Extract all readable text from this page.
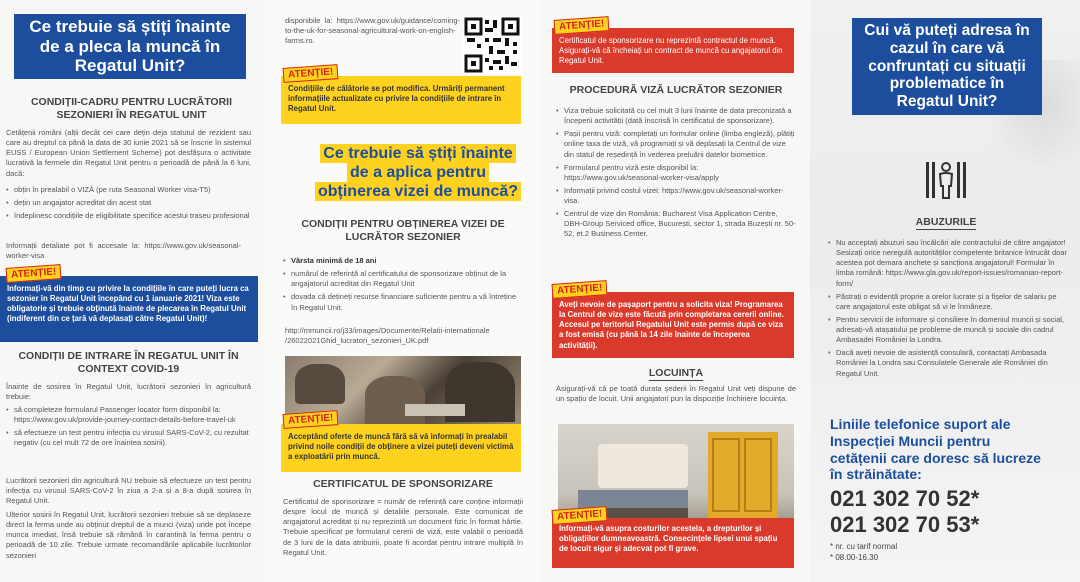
Ce trebuie să știți înainte de a pleca la muncă în Regatul Unit?
CONDIȚII-CADRU PENTRU LUCRĂTORII SEZONIERI ÎN REGATUL UNIT
Cetățenii români (alții decât cei care dețin deja statutul de rezident sau care au dreptul ca până la data de 30 iunie 2021 să se înscrie în sistemul EUSS / European Union Settlement Scheme) pot desfășura o activitate lucrativă la fermele din Regatul Unit pentru o perioadă de până la 6 luni, dacă:
• obțin în prealabil o VIZĂ (pe ruta Seasonal Worker visa-T5)
• dețin un angajator acreditat din acest stat
• îndeplinesc condițiile de eligibilitate specifice acestui traseu profesional
Informații detaliate pot fi accesate la: https://www.gov.uk/seasonal-worker-visa
Informați-vă din timp cu privire la condițiile în care puteți lucra ca sezonier în Regatul Unit începând cu 1 ianuarie 2021! Viza este obligatorie și trebuie obținută înainte de plecarea în Regatul Unit (indiferent din ce țară vă deplasați către Regatul Unit)!
ATENȚIE!
CONDIȚII DE INTRARE ÎN REGATUL UNIT ÎN CONTEXT COVID-19
Înainte de sosirea în Regatul Unit, lucrătorii sezonieri în agricultură trebuie:
• să completeze formularul Passenger locator form disponibil la: https://www.gov.uk/provide-journey-contact-details-before-travel-uk
• să efectueze un test pentru infecția cu virusul SARS-CoV-2, cu rezultat negativ (cu cel mult 72 de ore înaintea sosirii).
Lucrătorii sezonieri din agricultură NU trebuie să efectueze un test pentru infecția cu virusul SARS-CoV-2 în ziua a 2-a și a 8-a după sosirea în Regatul Unit.
Ulterior sosirii în Regatul Unit, lucrătorii sezonieri trebuie să se deplaseze direct la ferma unde au obținut dreptul de a munci (viza) unde pot începe munca imediat, însă trebuie să rămână în carantină la ferma pentru o perioadă de 10 zile. Trebuie urmate recomandările aplicabile lucrătorilor sezonieri
disponibile la: https://www.gov.uk/guidance/coming-to-the-uk-for-seasonal-agricultural-work-on-english-farms.ro.
Condițiile de călătorie se pot modifica. Urmăriți permanent informațiile actualizate cu privire la condițiile de intrare în Regatul Unit.
ATENȚIE!
Ce trebuie să știți înainte de a aplica pentru obținerea vizei de muncă?
CONDIȚII PENTRU OBȚINEREA VIZEI DE LUCRĂTOR SEZONIER
• Vârsta minimă de 18 ani
• numărul de referință al certificatului de sponsorizare obținut de la angajatorul acreditat din Regatul Unit
• dovada că dețineți resurse financiare suficiente pentru a vă întreține în Regatul Unit.
http://mmuncii.ro/j33/images/Documente/Relatii-internationale /26022021Ghid_lucratori_sezonieri_UK.pdf
Acceptând oferte de muncă fără să vă informați în prealabil privind noile condiții de obținere a vizei puteți deveni victimă a exploatării prin muncă.
ATENȚIE!
CERTIFICATUL DE SPONSORIZARE
Certificatul de sponsorizare = număr de referință care conține informații despre locul de muncă și detaliile personale. Este comunicat de angajatorul acreditat și nu reprezintă un document fizic în format hârtie. Trebuie specificat pe formularul cererii de viză, este valabil o perioadă de 3 luni de la data atribuirii, poate fi acordat pentru intrare multiplă în Regatul Unit.
Certificatul de sponsorizare nu reprezintă contractul de muncă. Asigurați-vă că încheiați un contract de muncă cu angajatorul din Regatul Unit.
ATENȚIE!
PROCEDURĂ VIZĂ LUCRĂTOR SEZONIER
• Viza trebuie solicitată cu cel mult 3 luni înainte de data preconizată a începerii activității (dată înscrisă în certificatul de sponsorizare).
• Pașii pentru viză: completați un formular online (limba engleză), plătiți online taxa de viză, vă programați și vă deplasați la Centrul de vize din statul de reședință în vederea preluării datelor biometrice.
• Formularul pentru viză este disponibil la: https://www.gov.uk/seasonal-worker-visa/apply
• Informații privind costul vizei: https://www.gov.uk/seasonal-worker-visa.
• Centrul de vize din România: Bucharest Visa Application Centre, DBH-Group Serviced office, București, sector 1, strada Buzești nr. 50-52, et.2 Business Center.
Aveți nevoie de pașaport pentru a solicita viza! Programarea la Centrul de vize este făcută prin completarea cererii online. Accesul pe teritoriul Regatului Unit este permis după ce viza a fost emisă (cu până la 14 zile înainte de începerea activității).
ATENȚIE!
LOCUINȚA
Asigurați-vă că pe toată durata șederii în Regatul Unit veți dispune de un spațiu de locuit. Unii angajatori pun la dispoziție închiriere locuința.
Informați-vă asupra costurilor acestela, a drepturilor și obligațiilor dumneavoastră. Consecințele lipsei unui spațiu de locuit sigur și adecvat pot fi grave.
ATENȚIE!
Cui vă puteți adresa în cazul în care vă confruntați cu situații problematice în Regatul Unit?
ABUZURILE
• Nu acceptați abuzuri sau încălcări ale contractului de către angajator! Sesizați orice neregulă autorităților competente britanice întrucât doar acestea pot demara anchete și sancționa angajatorul! Formular în limba română: https://www.gla.gov.uk/report-issues/romanian-report-form/
• Păstrați o evidență proprie a orelor lucrate și a fișelor de salariu pe care angajatorul este obligat să vi le înmâneze.
• Pentru servicii de informare și consiliere în domeniul muncii și social, adresați-vă atașatului pe probleme de muncă și sociale din cadrul Ambasadei României la Londra.
• Dacă aveți nevoie de asistență consulară, contactați Ambasada României la Londra sau Consulatele Generale ale României din Regatul Unit.
Liniile telefonice suport ale Inspecției Muncii pentru cetățenii care doresc să lucreze în străinătate:
021 302 70 52*
021 302 70 53*
* nr. cu tarif normal
* 08.00-16.30
